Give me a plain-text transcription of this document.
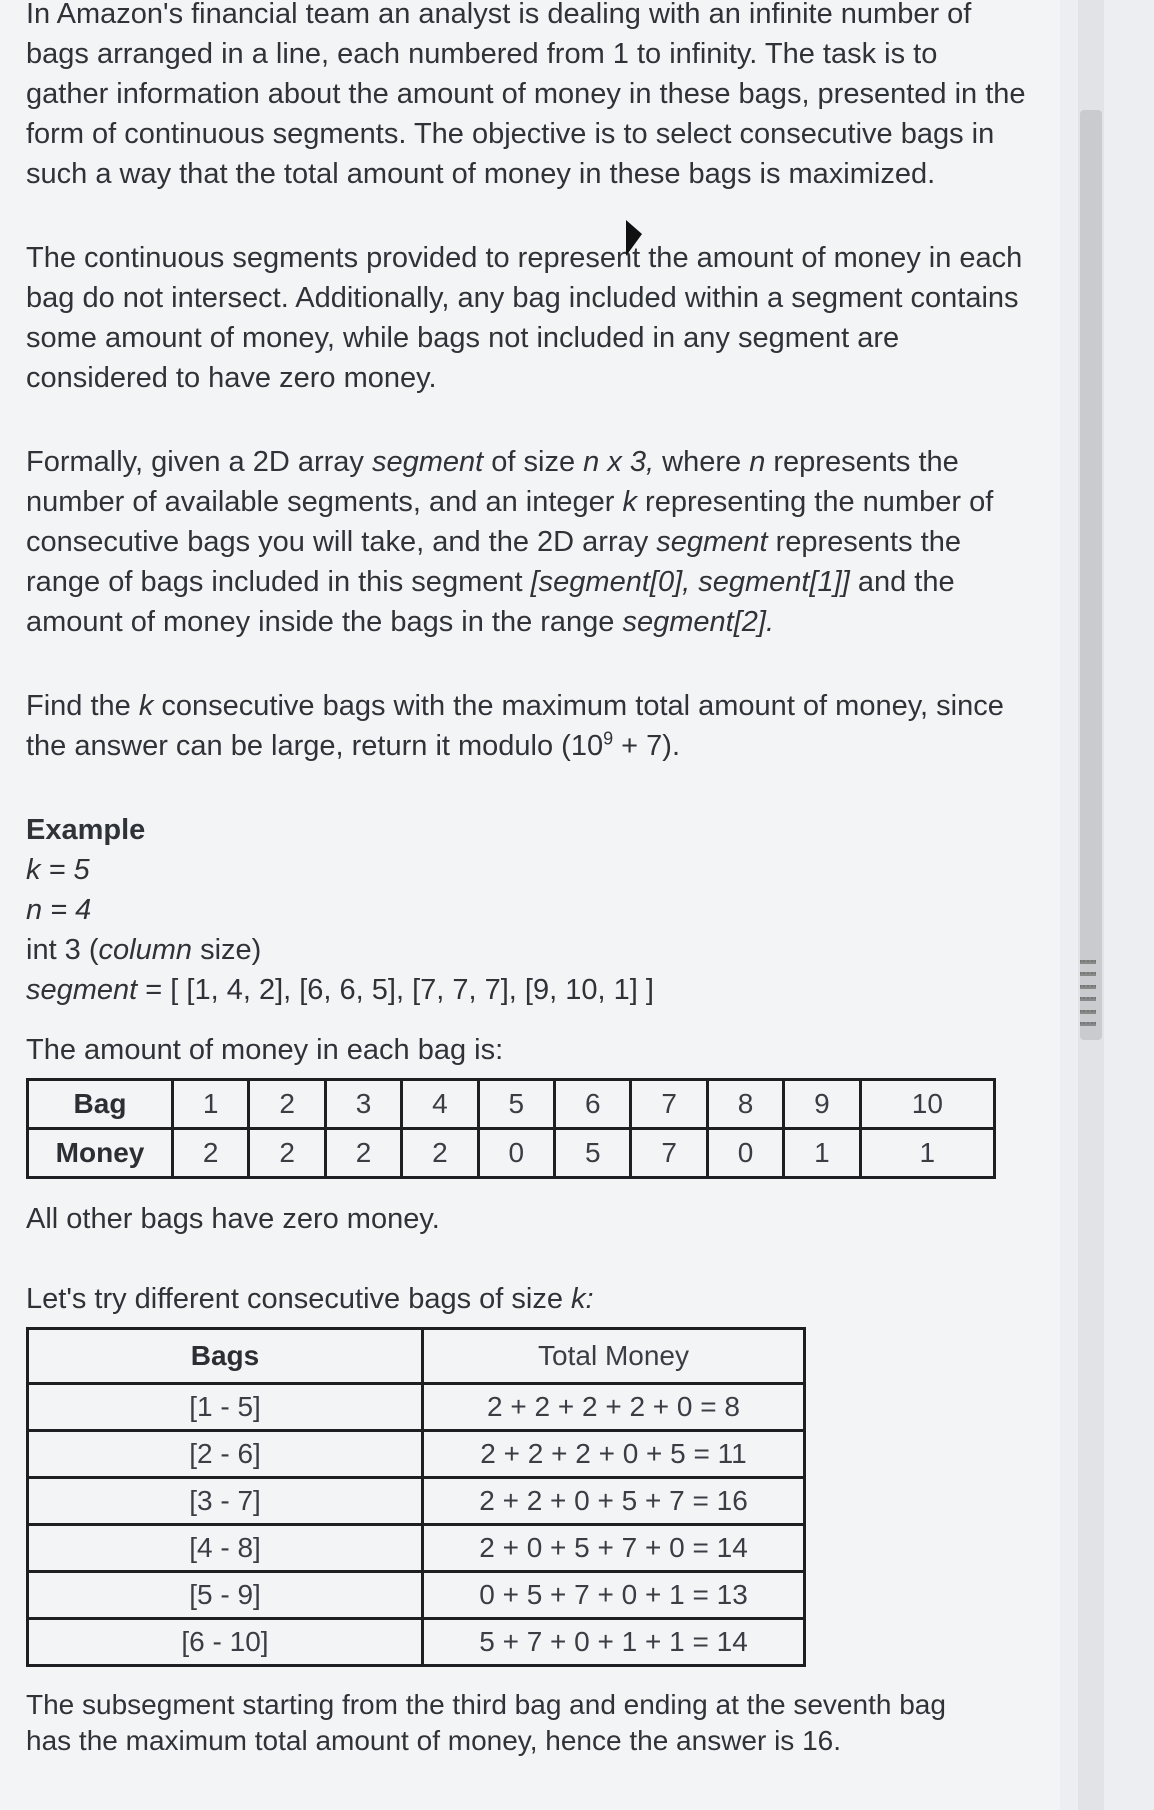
In Amazon's financial team an analyst is dealing with an infinite number of bags arranged in a line, each numbered from 1 to infinity. The task is to gather information about the amount of money in these bags, presented in the form of continuous segments. The objective is to select consecutive bags in such a way that the total amount of money in these bags is maximized.

The continuous segments provided to represent the amount of money in each bag do not intersect. Additionally, any bag included within a segment contains some amount of money, while bags not included in any segment are considered to have zero money.

Formally, given a 2D array segment of size n x 3, where n represents the number of available segments, and an integer k representing the number of consecutive bags you will take, and the 2D array segment represents the range of bags included in this segment [segment[0], segment[1]] and the amount of money inside the bags in the range segment[2].

Find the k consecutive bags with the maximum total amount of money, since the answer can be large, return it modulo $(10^9 + 7)$.

Example

k = 5

n = 4

int 3 (column size)

segment = [ [1, 4, 2], [6, 6, 5], [7, 7, 7], [9, 10, 1] ]

The amount of money in each bag is:

Bag	1	2	3	4	5	6	7	8	9	10
Money	2	2	2	2	0	5	7	0	1	1

All other bags have zero money.

Let's try different consecutive bags of size k:

Bags	Total Money
[1 - 5]	2 + 2 + 2 + 2 + 0 = 8
[2 - 6]	2 + 2 + 2 + 0 + 5 = 11
[3 - 7]	2 + 2 + 0 + 5 + 7 = 16
[4 - 8]	2 + 0 + 5 + 7 + 0 = 14
[5 - 9]	0 + 5 + 7 + 0 + 1 = 13
[6 - 10]	5 + 7 + 0 + 1 + 1 = 14

The subsegment starting from the third bag and ending at the seventh bag has the maximum total amount of money, hence the answer is 16.
